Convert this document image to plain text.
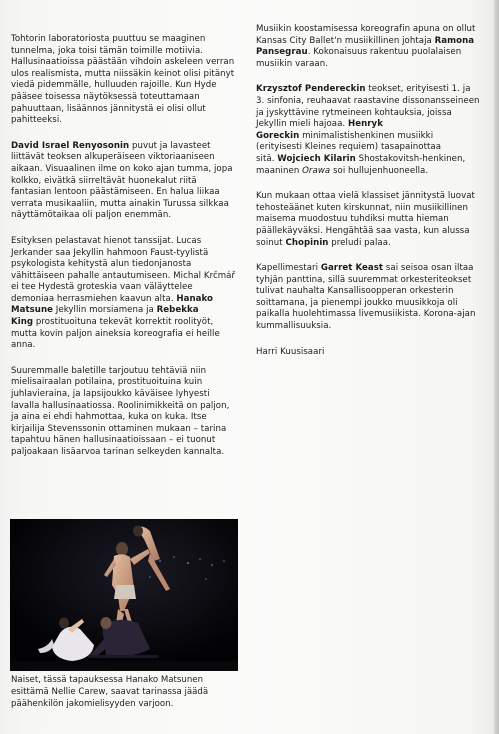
Tohtorin laboratoriosta puuttuu se maaginen
tunnelma, joka toisi tämän toimille motiivia.
Hallusinaatioissa päästään vihdoin askeleen verran
ulos realismista, mutta niissäkin keinot olisi pitänyt
viedä pidemmälle, hulluuden rajoille. Kun Hyde
pääsee toisessa näytöksessä toteuttamaan
pahuuttaan, lisäännos jännitystä ei olisi ollut
pahitteeksi.

David Israel Renyosonin puvut ja lavasteet
liittävät teoksen alkuperäiseen viktoriaaniseen
aikaan. Visuaalinen ilme on koko ajan tumma, jopa
kolkko, eivätkä siirreltävät huonekalut riitä
fantasian lentoon päästämiseen. En halua liikaa
verrata musikaaliin, mutta ainakin Turussa silkkaa
näyttämötaikaa oli paljon enemmän.

Esityksen pelastavat hienot tanssijat. Lucas
Jerkander saa Jekyllin hahmoon Faust-tyylistä
psykologista kehitystä alun tiedonjanosta
vähittäiseen pahalle antautumiseen. Michal Krčmář
ei tee Hydestä groteskia vaan väläyttelee
demoniaa herrasmiehen kaavun alta. Hanako
Matsune Jekyllin morsiamena ja Rebekka
King prostituoituna tekevät korrektit roolityöt,
mutta kovin paljon aineksia koreografia ei heille
anna.

Suuremmalle baletille tarjoutuu tehtäviä niin
mielisairaalan potilaina, prostituoituina kuin
juhlavieraina, ja lapsijoukko käväisee lyhyesti
lavalla hallusinaatiossa. Roolinimikkeitä on paljon,
ja aina ei ehdi hahmottaa, kuka on kuka. Itse
kirjailija Stevenssonin ottaminen mukaan – tarina
tapahtuu hänen hallusinaatioissaan – ei tuonut
paljoakaan lisäarvoa tarinan selkeyden kannalta.

Musiikin koostamisessa koreografin apuna on ollut
Kansas City Ballet'n musiikillinen johtaja Ramona
Pansegrau. Kokonaisuus rakentuu puolalaisen
musiikin varaan.

Krzysztof Pendereckin teokset, erityisesti 1. ja
3. sinfonia, reuhaavat raastavine dissonansseineen
ja jyskyttävine rytmeineen kohtauksia, joissa
Jekyllin mieli hajoaa. Henryk
Goreckin minimalistishenkinen musiikki
(erityisesti Kleines requiem) tasapainottaa
sitä. Wojciech Kilarin Shostakovitsh-henkinen,
maaninen Orawa soi hullujenhuoneella.

Kun mukaan ottaa vielä klassiset jännitystä luovat
tehosteäänet kuten kirskunnat, niin musiikillinen
maisema muodostuu tuhdiksi mutta hieman
päällekäyväksi. Hengähtää saa vasta, kun alussa
soinut Chopinin preludi palaa.

Kapellimestari Garret Keast sai seisoa osan iltaa
tyhjän panttina, sillä suuremmat orkesteriteokset
tulivat nauhalta Kansallisoopperan orkesterin
soittamana, ja pienempi joukko muusikkoja oli
paikalla huolehtimassa livemusiikista. Korona-ajan
kummallisuuksia.

Harri Kuusisaari

Naiset, tässä tapauksessa Hanako Matsunen
esittämä Nellie Carew, saavat tarinassa jäädä
päähenkilön jakomielisyyden varjoon.
